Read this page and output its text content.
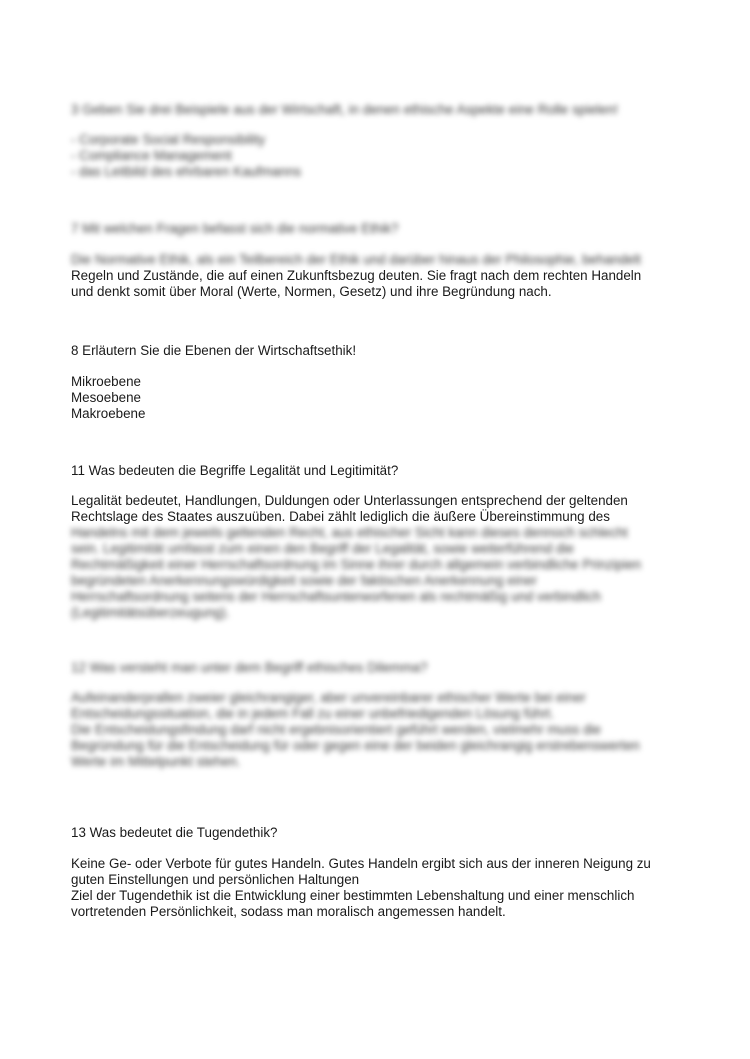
3 Geben Sie drei Beispiele aus der Wirtschaft, in denen ethische Aspekte eine Rolle spielen!
- Corporate Social Responsibility
- Compliance Management
- das Leitbild des ehrbaren Kaufmanns
7 Mit welchen Fragen befasst sich die normative Ethik?
Die Normative Ethik, als ein Teilbereich der Ethik und darüber hinaus der Philosophie, behandelt
Regeln und Zustände, die auf einen Zukunftsbezug deuten. Sie fragt nach dem rechten Handeln
und denkt somit über Moral (Werte, Normen, Gesetz) und ihre Begründung nach.
8 Erläutern Sie die Ebenen der Wirtschaftsethik!
Mikroebene
Mesoebene
Makroebene
11 Was bedeuten die Begriffe Legalität und Legitimität?
Legalität bedeutet, Handlungen, Duldungen oder Unterlassungen entsprechend der geltenden
Rechtslage des Staates auszuüben. Dabei zählt lediglich die äußere Übereinstimmung des
Handelns mit dem jeweils geltenden Recht, aus ethischer Sicht kann dieses dennoch schlecht
sein. Legitimität umfasst zum einen den Begriff der Legalität, sowie weiterführend die
Rechtmäßigkeit einer Herrschaftsordnung im Sinne ihrer durch allgemein verbindliche Prinzipien
begründeten Anerkennungswürdigkeit sowie der faktischen Anerkennung einer
Herrschaftsordnung seitens der Herrschaftsunterworfenen als rechtmäßig und verbindlich
(Legitimitätsüberzeugung).
12 Was versteht man unter dem Begriff ethisches Dilemma?
Aufeinanderprallen zweier gleichrangiger, aber unvereinbarer ethischer Werte bei einer
Entscheidungssituation, die in jedem Fall zu einer unbefriedigenden Lösung führt.
Die Entscheidungsfindung darf nicht ergebnisorientiert geführt werden, vielmehr muss die
Begründung für die Entscheidung für oder gegen eine der beiden gleichrangig erstrebenswerten
Werte im Mittelpunkt stehen.
13 Was bedeutet die Tugendethik?
Keine Ge- oder Verbote für gutes Handeln. Gutes Handeln ergibt sich aus der inneren Neigung zu
guten Einstellungen und persönlichen Haltungen
Ziel der Tugendethik ist die Entwicklung einer bestimmten Lebenshaltung und einer menschlich
vortretenden Persönlichkeit, sodass man moralisch angemessen handelt.
